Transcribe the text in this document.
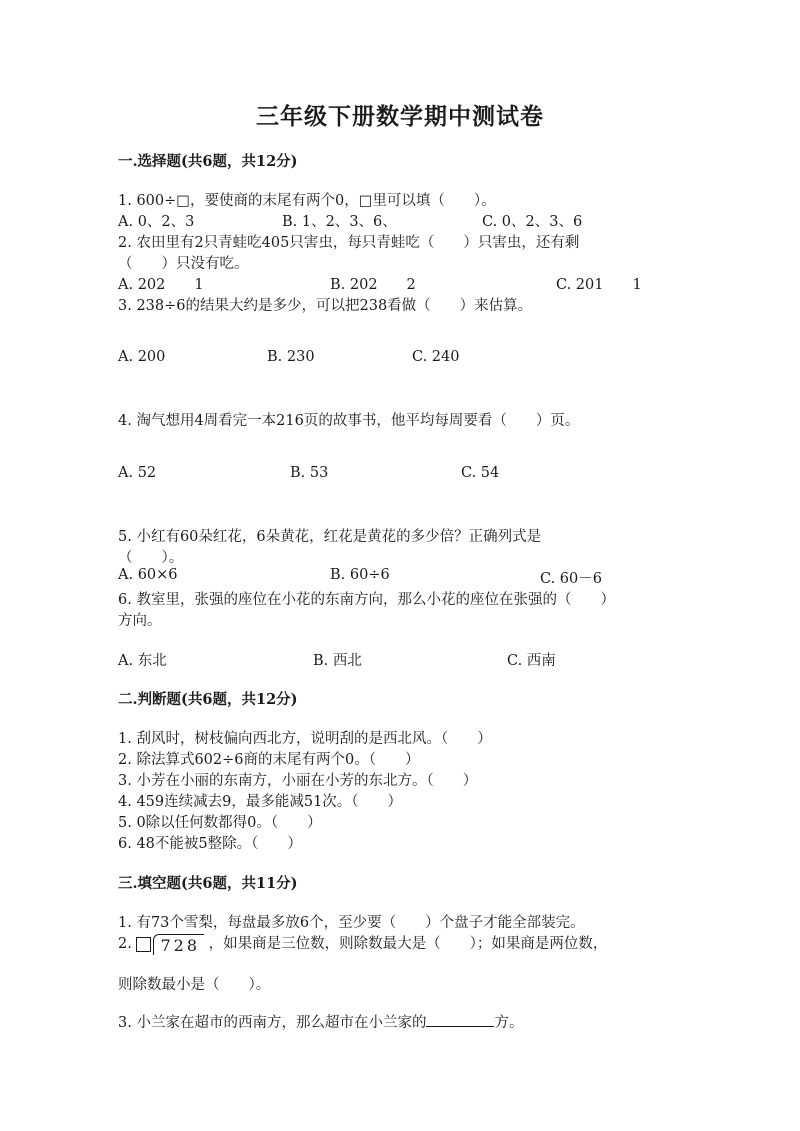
三年级下册数学期中测试卷
一.选择题(共6题，共12分)
1. 600÷□，要使商的末尾有两个0，□里可以填（　　）。
A. 0、2、3	B. 1、2、3、6、	C. 0、2、3、6
2. 农田里有2只青蛙吃405只害虫，每只青蛙吃（　　）只害虫，还有剩
（　　）只没有吃。
A. 202　　1	B. 202　　2	C. 201　　1
3. 238÷6的结果大约是多少，可以把238看做（　　）来估算。
A. 200	B. 230	C. 240
4. 淘气想用4周看完一本216页的故事书，他平均每周要看（　　）页。
A. 52	B. 53	C. 54
5. 小红有60朵红花，6朵黄花，红花是黄花的多少倍？正确列式是
（　　）。
A. 60×6	B. 60÷6	C. 60－6
6. 教室里，张强的座位在小花的东南方向，那么小花的座位在张强的（　　）
方向。
A. 东北	B. 西北	C. 西南
二.判断题(共6题，共12分)
1. 刮风时，树枝偏向西北方，说明刮的是西北风。（　　）
2. 除法算式602÷6商的末尾有两个0。（　　）
3. 小芳在小丽的东南方，小丽在小芳的东北方。（　　）
4. 459连续减去9，最多能减51次。（　　）
5. 0除以任何数都得0。（　　）
6. 48不能被5整除。（　　）
三.填空题(共6题，共11分)
1. 有73个雪梨，每盘最多放6个，至少要（　　）个盘子才能全部装完。
2.	728 ，如果商是三位数，则除数最大是（　　）；如果商是两位数，
则除数最小是（　　）。
3. 小兰家在超市的西南方，那么超市在小兰家的	方。
